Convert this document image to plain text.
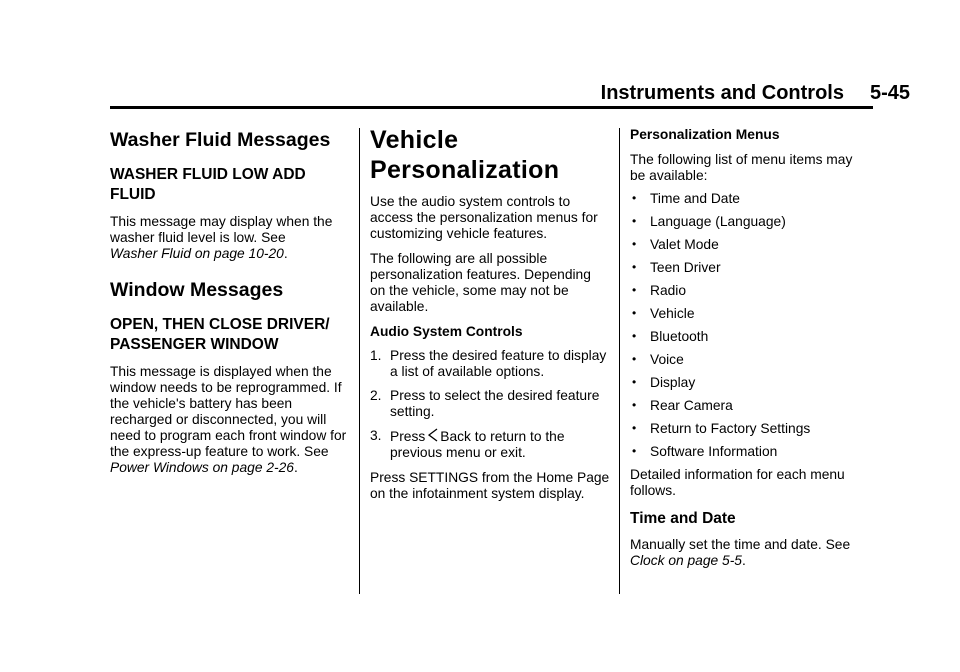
Instruments and Controls 5-45
Washer Fluid Messages
WASHER FLUID LOW ADD FLUID

This message may display when the washer fluid level is low. See
Washer Fluid on page 10-20.

Window Messages
OPEN, THEN CLOSE DRIVER/ PASSENGER WINDOW

This message is displayed when the window needs to be reprogrammed. If the vehicle's battery has been recharged or disconnected, you will need to program each front window for the express-up feature to work. See Power Windows on page 2-26.

Vehicle Personalization

Use the audio system controls to access the personalization menus for customizing vehicle features.

The following are all possible personalization features. Depending on the vehicle, some may not be available.

Audio System Controls
1. Press the desired feature to display a list of available options.
2. Press to select the desired feature setting.
3. Press Back to return to the previous menu or exit.

Press SETTINGS from the Home Page on the infotainment system display.

Personalization Menus

The following list of menu items may be available:

• Time and Date
• Language (Language)
• Valet Mode
• Teen Driver
• Radio
• Vehicle
• Bluetooth
• Voice
• Display
• Rear Camera
• Return to Factory Settings
• Software Information

Detailed information for each menu follows.

Time and Date

Manually set the time and date. See
Clock on page 5-5.
